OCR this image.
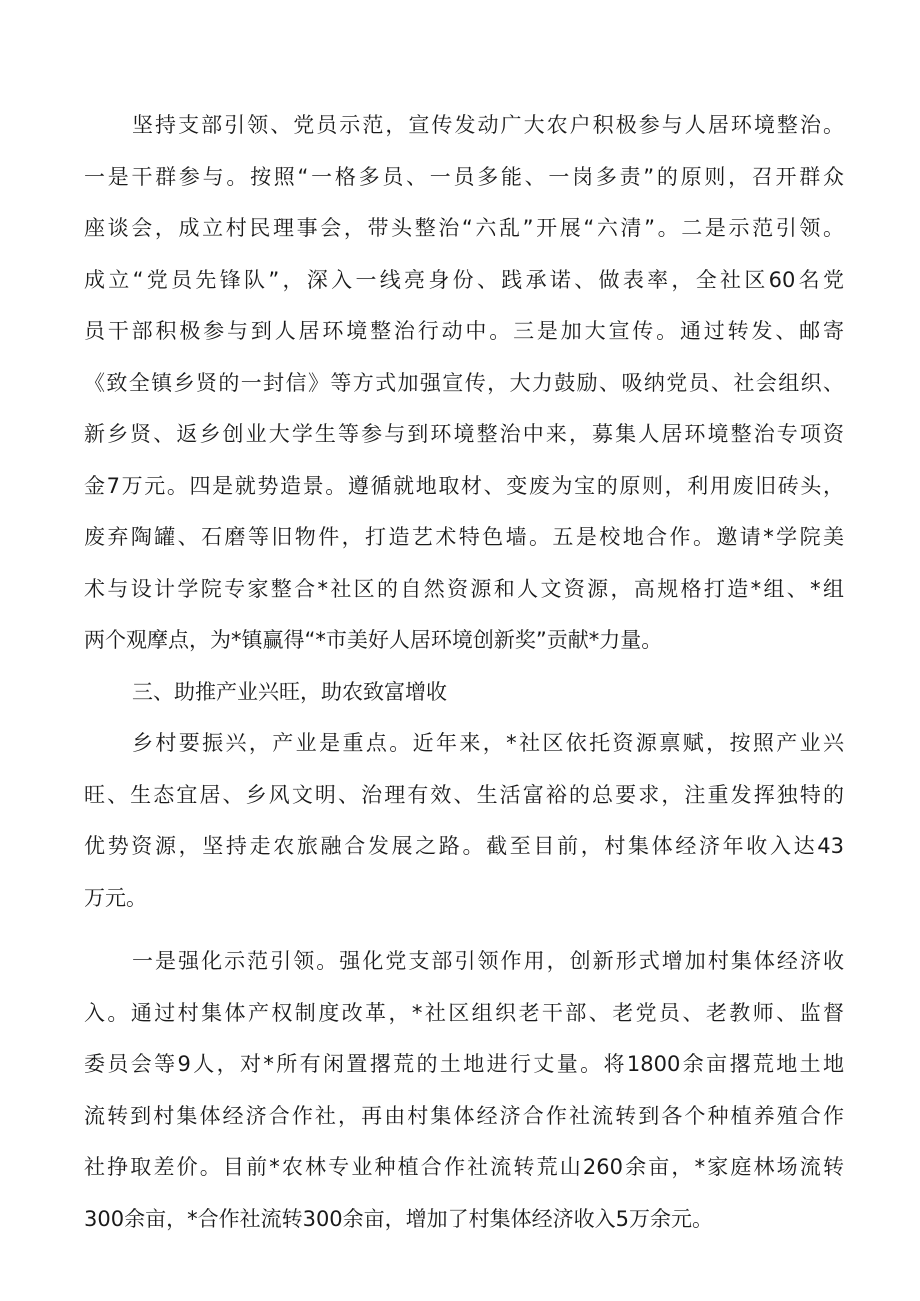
坚持支部引领、党员示范，宣传发动广大农户积极参与人居环境整治。
一是干群参与。按照“一格多员、一员多能、一岗多责”的原则，召开群众
座谈会，成立村民理事会，带头整治“六乱”开展“六清”。二是示范引领。
成立“党员先锋队”，深入一线亮身份、践承诺、做表率，全社区60名党
员干部积极参与到人居环境整治行动中。三是加大宣传。通过转发、邮寄
《致全镇乡贤的一封信》等方式加强宣传，大力鼓励、吸纳党员、社会组织、
新乡贤、返乡创业大学生等参与到环境整治中来，募集人居环境整治专项资
金7万元。四是就势造景。遵循就地取材、变废为宝的原则，利用废旧砖头，
废弃陶罐、石磨等旧物件，打造艺术特色墙。五是校地合作。邀请*学院美
术与设计学院专家整合*社区的自然资源和人文资源，高规格打造*组、*组
两个观摩点，为*镇赢得“*市美好人居环境创新奖”贡献*力量。
三、助推产业兴旺，助农致富增收
乡村要振兴，产业是重点。近年来，*社区依托资源禀赋，按照产业兴
旺、生态宜居、乡风文明、治理有效、生活富裕的总要求，注重发挥独特的
优势资源，坚持走农旅融合发展之路。截至目前，村集体经济年收入达43
万元。
一是强化示范引领。强化党支部引领作用，创新形式增加村集体经济收
入。通过村集体产权制度改革，*社区组织老干部、老党员、老教师、监督
委员会等9人，对*所有闲置撂荒的土地进行丈量。将1800余亩撂荒地土地
流转到村集体经济合作社，再由村集体经济合作社流转到各个种植养殖合作
社挣取差价。目前*农林专业种植合作社流转荒山260余亩，*家庭林场流转
300余亩，*合作社流转300余亩，增加了村集体经济收入5万余元。
